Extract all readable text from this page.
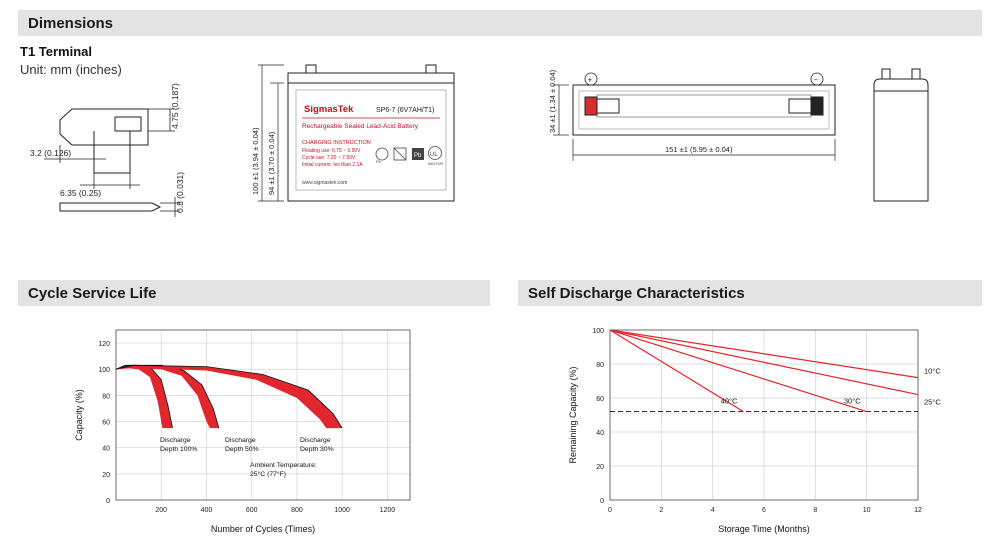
Dimensions
T1 Terminal
Unit: mm (inches)
4.75 (0.187)
3.2 (0.126)
6.35 (0.25)	0.8 (0.031)
SigmasTek	SP6-7 (6V7AH/T1)
Rechargeable Sealed Lead-Acid Battery
CHARGING INSTRUCTION
Floating use: 6.75 ~ 6.90V
Cycle use: 7.20 ~ 7.50V
Initial current: les than 2.1A
www.sigmastek.com
Pb UL
MH47929
Pb
100 ±1 (3.94 ± 0.04) 94 ±1 (3.70 ± 0.04)
+	−
34 ±1 (1.34 ± 0.04)
151 ±1 (5.95 ± 0.04)
Cycle Service Life
200	400	600	800	1000	1200
0
20
40
60
80
100
120
Number of Cycles (Times)
Capacity (%)	Discharge
Depth 100%
Discharge
Depth 50%
Discharge
Depth 30%
Ambient Temperature:
25°C (77°F)
Self Discharge Characteristics
0	2	4	6	8	10	12
0
20
40
60
80
100
Storage Time (Months)
Remaining Capacity (%)	10°C
25°C
30°C
40°C
